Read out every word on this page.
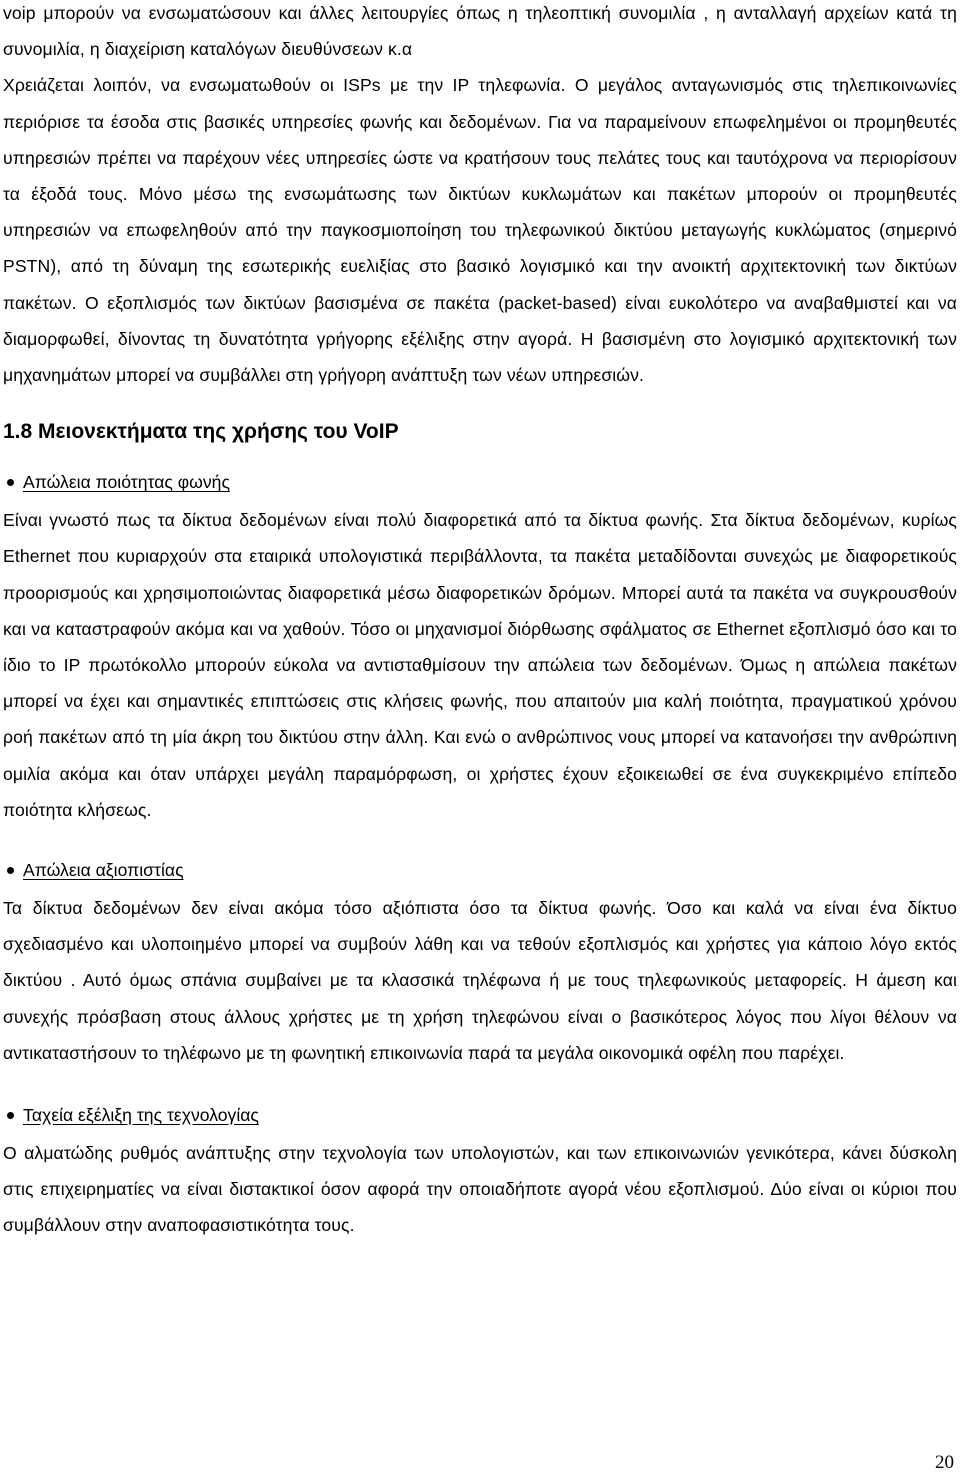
voip μπορούν να ενσωματώσουν και άλλες λειτουργίες όπως η τηλεοπτική συνομιλία , η ανταλλαγή αρχείων κατά τη συνομιλία, η διαχείριση καταλόγων διευθύνσεων κ.α

Χρειάζεται λοιπόν, να ενσωματωθούν οι ISPs με την IP τηλεφωνία. Ο μεγάλος ανταγωνισμός στις τηλεπικοινωνίες περιόρισε τα έσοδα στις βασικές υπηρεσίες φωνής και δεδομένων. Για να παραμείνουν επωφελημένοι οι προμηθευτές υπηρεσιών πρέπει να παρέχουν νέες υπηρεσίες ώστε να κρατήσουν τους πελάτες τους και ταυτόχρονα να περιορίσουν τα έξοδά τους. Μόνο μέσω της ενσωμάτωσης των δικτύων κυκλωμάτων και πακέτων μπορούν οι προμηθευτές υπηρεσιών να επωφεληθούν από την παγκοσμιοποίηση του τηλεφωνικού δικτύου μεταγωγής κυκλώματος (σημερινό PSTN), από τη δύναμη της εσωτερικής ευελιξίας στο βασικό λογισμικό και την ανοικτή αρχιτεκτονική των δικτύων πακέτων. Ο εξοπλισμός των δικτύων βασισμένα σε πακέτα (packet-based) είναι ευκολότερο να αναβαθμιστεί και να διαμορφωθεί, δίνοντας τη δυνατότητα γρήγορης εξέλιξης στην αγορά. Η βασισμένη στο λογισμικό αρχιτεκτονική των μηχανημάτων μπορεί να συμβάλλει στη γρήγορη ανάπτυξη των νέων υπηρεσιών.

1.8 Μειονεκτήματα της χρήσης του VoIP
Απώλεια ποιότητας φωνής

Είναι γνωστό πως τα δίκτυα δεδομένων είναι πολύ διαφορετικά από τα δίκτυα φωνής. Στα δίκτυα δεδομένων, κυρίως Ethernet που κυριαρχούν στα εταιρικά υπολογιστικά περιβάλλοντα, τα πακέτα μεταδίδονται συνεχώς με διαφορετικούς προορισμούς και χρησιμοποιώντας διαφορετικά μέσω διαφορετικών δρόμων. Μπορεί αυτά τα πακέτα να συγκρουσθούν και να καταστραφούν ακόμα και να χαθούν. Τόσο οι μηχανισμοί διόρθωσης σφάλματος σε Ethernet εξοπλισμό όσο και το ίδιο το IP πρωτόκολλο μπορούν εύκολα να αντισταθμίσουν την απώλεια των δεδομένων. Όμως η απώλεια πακέτων μπορεί να έχει και σημαντικές επιπτώσεις στις κλήσεις φωνής, που απαιτούν μια καλή ποιότητα, πραγματικού χρόνου ροή πακέτων από τη μία άκρη του δικτύου στην άλλη. Και ενώ ο ανθρώπινος νους μπορεί να κατανοήσει την ανθρώπινη ομιλία ακόμα και όταν υπάρχει μεγάλη παραμόρφωση, οι χρήστες έχουν εξοικειωθεί σε ένα συγκεκριμένο επίπεδο ποιότητα κλήσεως.

Απώλεια αξιοπιστίας

Τα δίκτυα δεδομένων δεν είναι ακόμα τόσο αξιόπιστα όσο τα δίκτυα φωνής. Όσο και καλά να είναι ένα δίκτυο σχεδιασμένο και υλοποιημένο μπορεί να συμβούν λάθη και να τεθούν εξοπλισμός και χρήστες για κάποιο λόγο εκτός δικτύου . Αυτό όμως σπάνια συμβαίνει με τα κλασσικά τηλέφωνα ή με τους τηλεφωνικούς μεταφορείς. Η άμεση και συνεχής πρόσβαση στους άλλους χρήστες με τη χρήση τηλεφώνου είναι ο βασικότερος λόγος που λίγοι θέλουν να αντικαταστήσουν το τηλέφωνο με τη φωνητική επικοινωνία παρά τα μεγάλα οικονομικά οφέλη που παρέχει.

Ταχεία εξέλιξη της τεχνολογίας

Ο αλματώδης ρυθμός ανάπτυξης στην τεχνολογία των υπολογιστών, και των επικοινωνιών γενικότερα, κάνει δύσκολη στις επιχειρηματίες να είναι διστακτικοί όσον αφορά την οποιαδήποτε αγορά νέου εξοπλισμού. Δύο είναι οι κύριοι που συμβάλλουν στην αναποφασιστικότητα τους.

20
